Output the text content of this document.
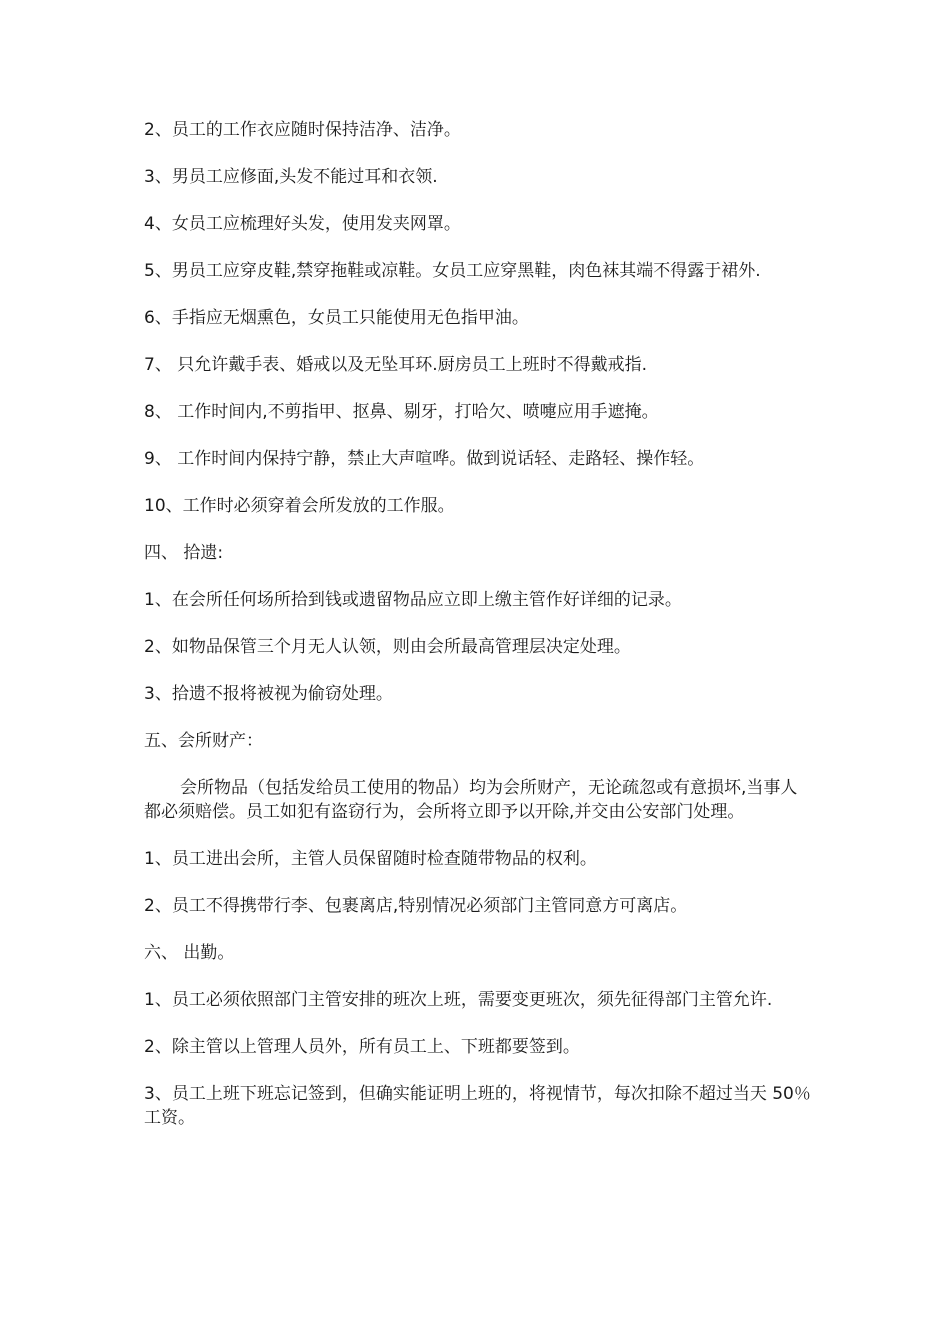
2、员工的工作衣应随时保持洁净、洁净。

3、男员工应修面,头发不能过耳和衣领.

4、女员工应梳理好头发，使用发夹网罩。

5、男员工应穿皮鞋,禁穿拖鞋或凉鞋。女员工应穿黑鞋，肉色袜其端不得露于裙外.

6、手指应无烟熏色，女员工只能使用无色指甲油。

7、 只允许戴手表、婚戒以及无坠耳环.厨房员工上班时不得戴戒指.

8、 工作时间内,不剪指甲、抠鼻、剔牙，打哈欠、喷嚏应用手遮掩。

9、 工作时间内保持宁静，禁止大声喧哗。做到说话轻、走路轻、操作轻。

10、工作时必须穿着会所发放的工作服。

四、 拾遗:

1、在会所任何场所拾到钱或遗留物品应立即上缴主管作好详细的记录。

2、如物品保管三个月无人认领，则由会所最高管理层决定处理。

3、拾遗不报将被视为偷窃处理。

五、会所财产：

会所物品（包括发给员工使用的物品）均为会所财产，无论疏忽或有意损坏,当事人都必须赔偿。员工如犯有盗窃行为，会所将立即予以开除,并交由公安部门处理。

1、员工进出会所，主管人员保留随时检查随带物品的权利。

2、员工不得携带行李、包裹离店,特别情况必须部门主管同意方可离店。

六、 出勤。

1、员工必须依照部门主管安排的班次上班，需要变更班次，须先征得部门主管允许.

2、除主管以上管理人员外，所有员工上、下班都要签到。

3、员工上班下班忘记签到，但确实能证明上班的，将视情节，每次扣除不超过当天 50％工资。
